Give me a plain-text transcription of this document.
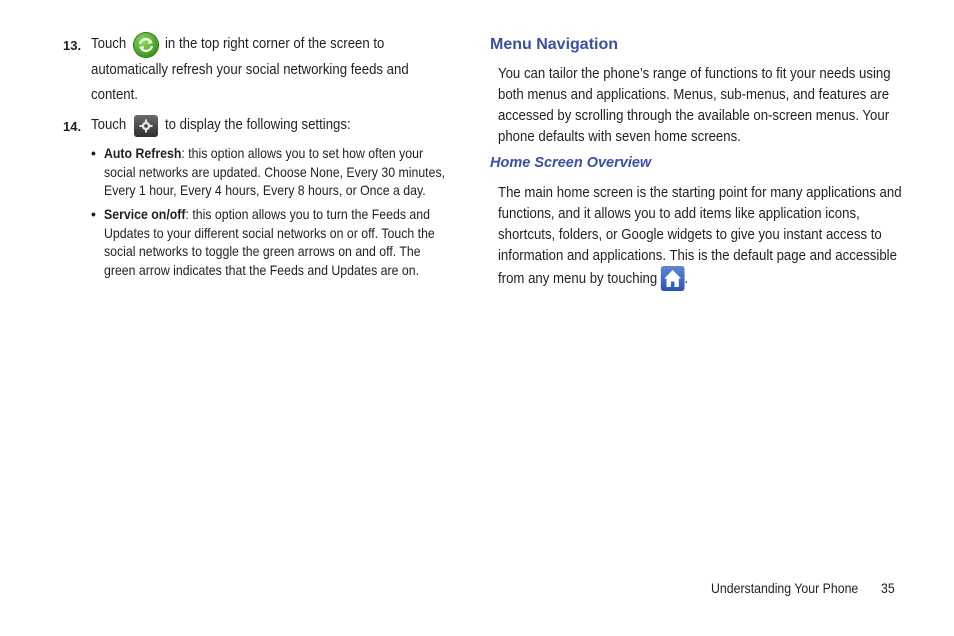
13. Touch	in the top right corner of the screen to
automatically refresh your social networking feeds and
content.
14. Touch	to display the following settings:
• Auto Refresh: this option allows you to set how often your social networks are updated. Choose None, Every 30 minutes, Every 1 hour, Every 4 hours, Every 8 hours, or Once a day.
• Service on/off: this option allows you to turn the Feeds and Updates to your different social networks on or off. Touch the social networks to toggle the green arrows on and off. The green arrow indicates that the Feeds and Updates are on.
Menu Navigation
You can tailor the phone’s range of functions to fit your needs using both menus and applications. Menus, sub-menus, and features are accessed by scrolling through the available on-screen menus. Your phone defaults with seven home screens.
Home Screen Overview
The main home screen is the starting point for many applications and functions, and it allows you to add items like application icons, shortcuts, folders, or Google widgets to give you instant access to information and applications. This is the default page and accessible from any menu by touching .
Understanding Your Phone 35
